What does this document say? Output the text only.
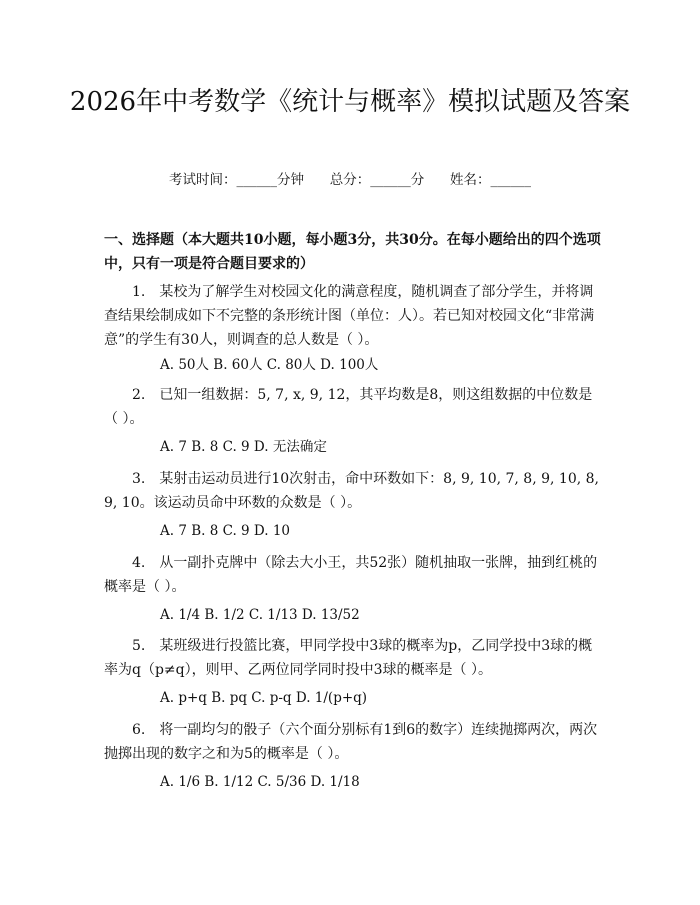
2026年中考数学《统计与概率》模拟试题及答案
考试时间：______分钟      总分：______分      姓名：______
一、选择题（本大题共10小题，每小题3分，共30分。在每小题给出的四个选项中，只有一项是符合题目要求的）

1.　某校为了解学生对校园文化的满意程度，随机调查了部分学生，并将调查结果绘制成如下不完整的条形统计图（单位：人）。若已知对校园文化“非常满意”的学生有30人，则调查的总人数是（ ）。

A. 50人 B. 60人 C. 80人 D. 100人

2.　已知一组数据：5, 7, x, 9, 12，其平均数是8，则这组数据的中位数是（ ）。

A. 7 B. 8 C. 9 D. 无法确定

3.　某射击运动员进行10次射击，命中环数如下：8, 9, 10, 7, 8, 9, 10, 8, 9, 10。该运动员命中环数的众数是（ ）。

A. 7 B. 8 C. 9 D. 10

4.　从一副扑克牌中（除去大小王，共52张）随机抽取一张牌，抽到红桃的概率是（ ）。

A. 1/4 B. 1/2 C. 1/13 D. 13/52

5.　某班级进行投篮比赛，甲同学投中3球的概率为p，乙同学投中3球的概率为q（p≠q），则甲、乙两位同学同时投中3球的概率是（ ）。

A. p+q B. pq C. p-q D. 1/(p+q)

6.　将一副均匀的骰子（六个面分别标有1到6的数字）连续抛掷两次，两次抛掷出现的数字之和为5的概率是（ ）。

A. 1/6 B. 1/12 C. 5/36 D. 1/18
